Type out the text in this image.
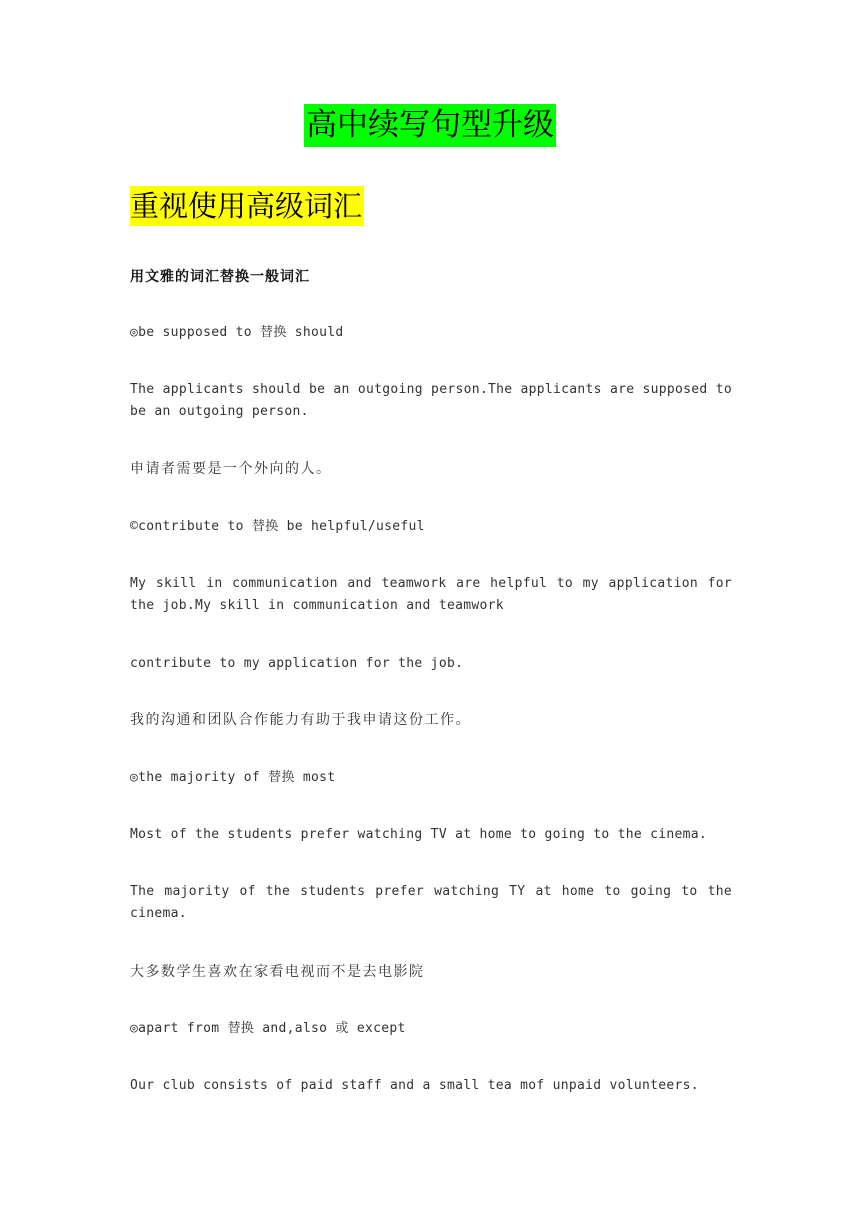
高中续写句型升级
重视使用高级词汇
用文雅的词汇替换一般词汇
◎be supposed to 替换 should
The applicants should be an outgoing person.The applicants are supposed to be an outgoing person.
申请者需要是一个外向的人。
©contribute to 替换 be helpful/useful
My skill in communication and teamwork are helpful to my application for the job.My skill in communication and teamwork
contribute to my application for the job.
我的沟通和团队合作能力有助于我申请这份工作。
◎the majority of 替换 most
Most of the students prefer watching TV at home to going to the cinema.
The majority of the students prefer watching TY at home to going to the cinema.
大多数学生喜欢在家看电视而不是去电影院
◎apart from 替换 and,also 或 except
Our club consists of paid staff and a small tea mof unpaid volunteers.
